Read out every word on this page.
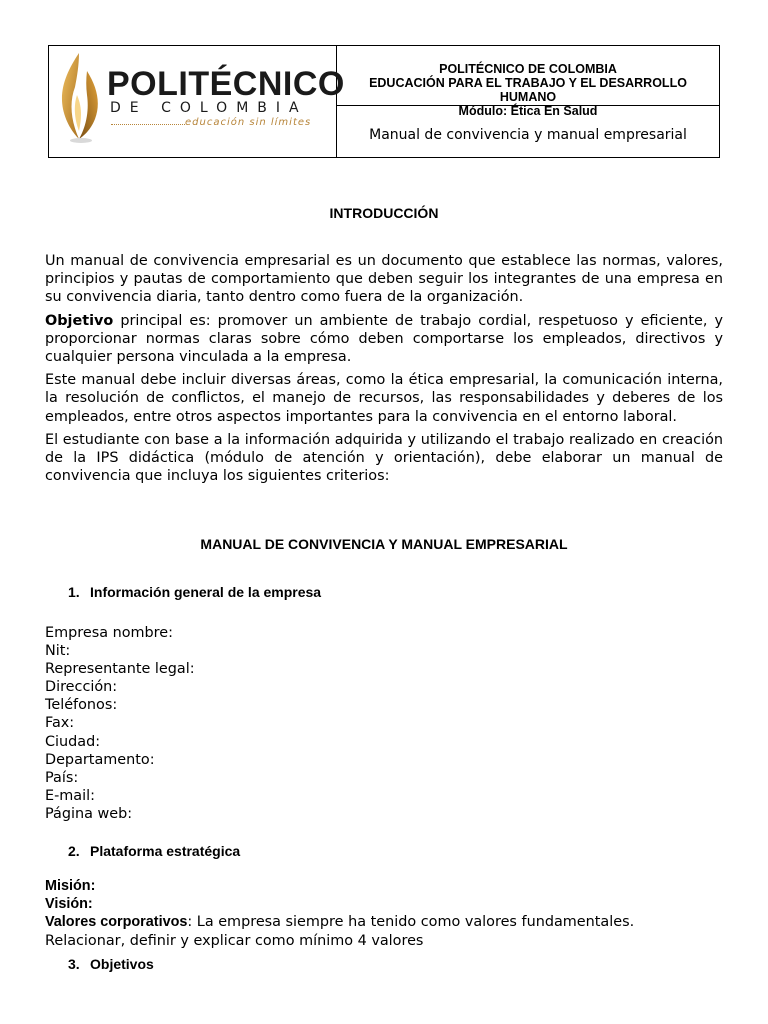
POLITÉCNICO
DE COLOMBIA
educación sin límites
POLITÉCNICO DE COLOMBIA
EDUCACIÓN PARA EL TRABAJO Y EL DESARROLLO
HUMANO
Módulo: Ética En Salud
Manual de convivencia y manual empresarial
INTRODUCCIÓN

Un manual de convivencia empresarial es un documento que establece las normas, valores, principios y pautas de comportamiento que deben seguir los integrantes de una empresa en su convivencia diaria, tanto dentro como fuera de la organización.

Objetivo principal es: promover un ambiente de trabajo cordial, respetuoso y eficiente, y proporcionar normas claras sobre cómo deben comportarse los empleados, directivos y cualquier persona vinculada a la empresa.

Este manual debe incluir diversas áreas, como la ética empresarial, la comunicación interna, la resolución de conflictos, el manejo de recursos, las responsabilidades y deberes de los empleados, entre otros aspectos importantes para la convivencia en el entorno laboral.

El estudiante con base a la información adquirida y utilizando el trabajo realizado en creación de la IPS didáctica (módulo de atención y orientación), debe elaborar un manual de convivencia que incluya los siguientes criterios:

MANUAL DE CONVIVENCIA Y MANUAL EMPRESARIAL
1. Información general de la empresa
Empresa nombre:
Nit:
Representante legal:
Dirección:
Teléfonos:
Fax:
Ciudad:
Departamento:
País:
E-mail:
Página web:
2. Plataforma estratégica
Misión:
Visión:
Valores corporativos: La empresa siempre ha tenido como valores fundamentales.
Relacionar, definir y explicar como mínimo 4 valores
3. Objetivos
